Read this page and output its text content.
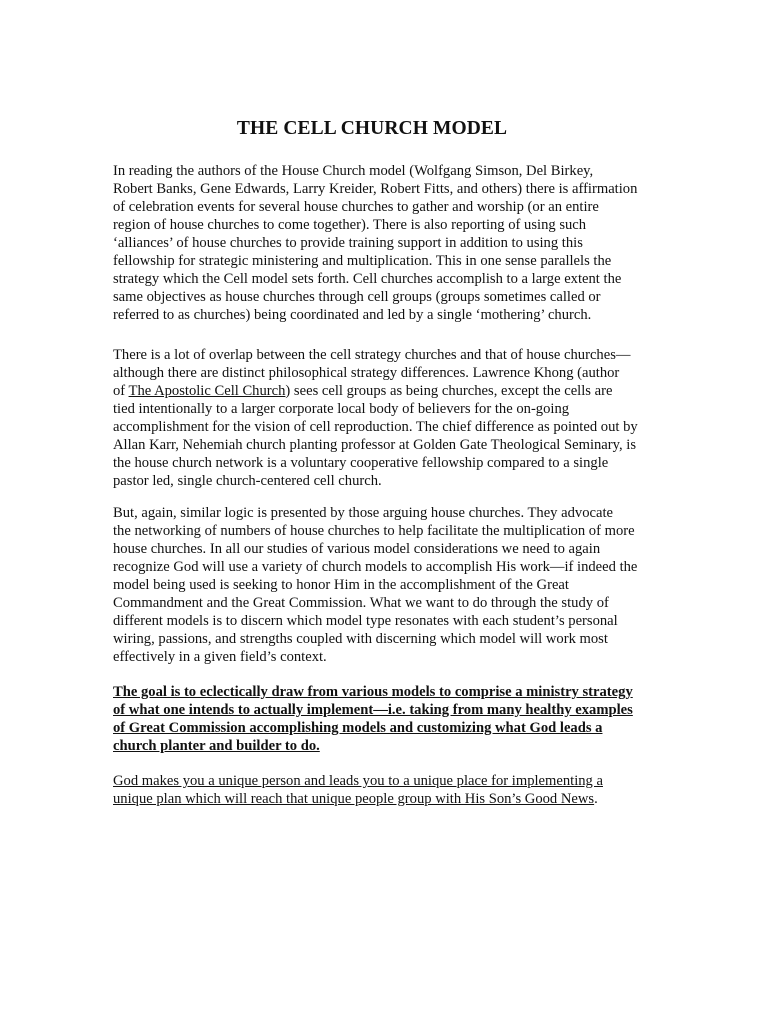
THE CELL CHURCH MODEL
In reading the authors of the House Church model (Wolfgang Simson, Del Birkey,
Robert Banks, Gene Edwards, Larry Kreider, Robert Fitts, and others) there is affirmation
of celebration events for several house churches to gather and worship (or an entire
region of house churches to come together). There is also reporting of using such
‘alliances’ of house churches to provide training support in addition to using this
fellowship for strategic ministering and multiplication. This in one sense parallels the
strategy which the Cell model sets forth. Cell churches accomplish to a large extent the
same objectives as house churches through cell groups (groups sometimes called or
referred to as churches) being coordinated and led by a single ‘mothering’ church.
There is a lot of overlap between the cell strategy churches and that of house churches—
although there are distinct philosophical strategy differences. Lawrence Khong (author
of The Apostolic Cell Church) sees cell groups as being churches, except the cells are
tied intentionally to a larger corporate local body of believers for the on-going
accomplishment for the vision of cell reproduction. The chief difference as pointed out by
Allan Karr, Nehemiah church planting professor at Golden Gate Theological Seminary, is
the house church network is a voluntary cooperative fellowship compared to a single
pastor led, single church-centered cell church.
But, again, similar logic is presented by those arguing house churches. They advocate
the networking of numbers of house churches to help facilitate the multiplication of more
house churches. In all our studies of various model considerations we need to again
recognize God will use a variety of church models to accomplish His work—if indeed the
model being used is seeking to honor Him in the accomplishment of the Great
Commandment and the Great Commission. What we want to do through the study of
different models is to discern which model type resonates with each student’s personal
wiring, passions, and strengths coupled with discerning which model will work most
effectively in a given field’s context.
The goal is to eclectically draw from various models to comprise a ministry strategy
of what one intends to actually implement—i.e. taking from many healthy examples
of Great Commission accomplishing models and customizing what God leads a
church planter and builder to do.
God makes you a unique person and leads you to a unique place for implementing a
unique plan which will reach that unique people group with His Son’s Good News.
